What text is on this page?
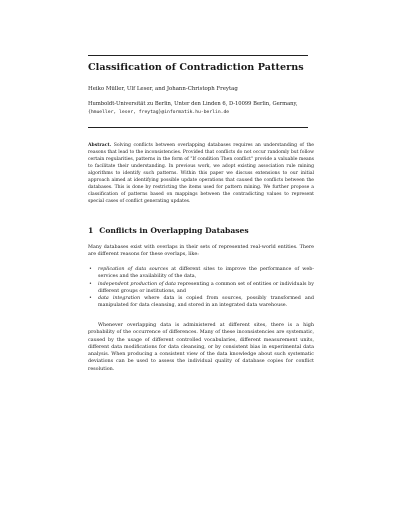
Classification of Contradiction Patterns
Heiko Müller, Ulf Leser, and Johann-Christoph Freytag
Humboldt-Universität zu Berlin, Unter den Linden 6, D-10099 Berlin, Germany,
{hmueller, leser, freytag}@informatik.hu-berlin.de
Abstract. Solving conflicts between overlapping databases requires an understanding of the reasons that lead to the inconsistencies. Provided that conflicts do not occur randomly but follow certain regularities, patterns in the form of "If condition Then conflict" provide a valuable means to facilitate their understanding. In previous work, we adopt existing association rule mining algorithms to identify such patterns. Within this paper we discuss extensions to our initial approach aimed at identifying possible update operations that caused the conflicts between the databases. This is done by restricting the items used for pattern mining. We further propose a classification of patterns based on mappings between the contradicting values to represent special cases of conflict generating updates.
1 Conflicts in Overlapping Databases
Many databases exist with overlaps in their sets of represented real-world entities. There are different reasons for these overlaps, like:
• replication of data sources at different sites to improve the performance of web-services and the availability of the data,
• independent production of data representing a common set of entities or individuals by different groups or institutions, and
• data integration where data is copied from sources, possibly transformed and manipulated for data cleansing, and stored in an integrated data warehouse.
Whenever overlapping data is administered at different sites, there is a high probability of the occurrence of differences. Many of these inconsistencies are systematic, caused by the usage of different controlled vocabularies, different measurement units, different data modifications for data cleansing, or by consistent bias in experimental data analysis. When producing a consistent view of the data knowledge about such systematic deviations can be used to assess the individual quality of database copies for conflict resolution.
